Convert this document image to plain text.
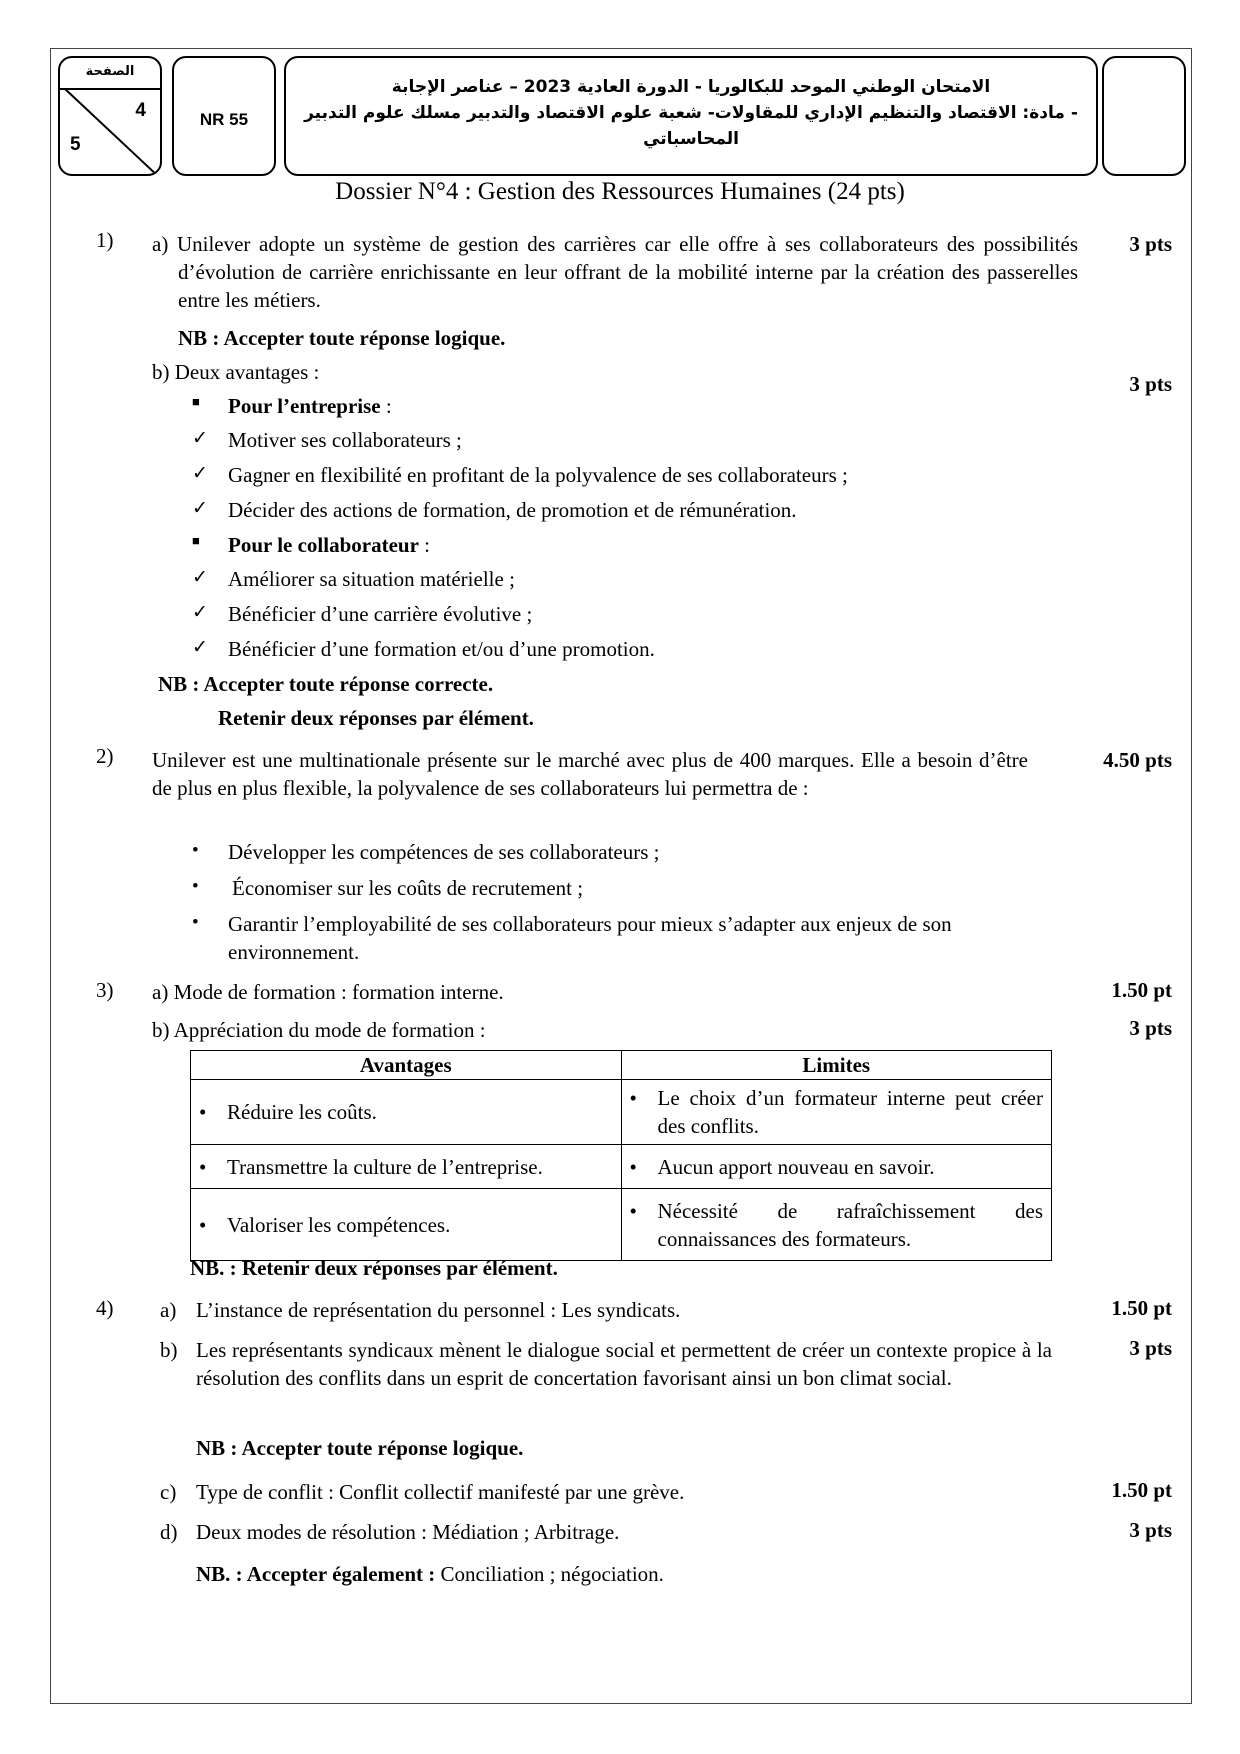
الصفحة
4
5
NR 55
الامتحان الوطني الموحد للبكالوريا - الدورة العادية 2023 – عناصر الإجابة
- مادة: الاقتصاد والتنظيم الإداري للمقاولات- شعبة علوم الاقتصاد والتدبير مسلك علوم التدبير
المحاسباتي
Dossier N°4 : Gestion des Ressources Humaines (24 pts)
1) a) Unilever adopte un système de gestion des carrières car elle offre à ses collaborateurs des possibilités d’évolution de carrière enrichissante en leur offrant de la mobilité interne par la création des passerelles entre les métiers.
3 pts
NB : Accepter toute réponse logique.
b) Deux avantages :	3 pts
■ Pour l’entreprise :
✓ Motiver ses collaborateurs ;
✓ Gagner en flexibilité en profitant de la polyvalence de ses collaborateurs ;
✓ Décider des actions de formation, de promotion et de rémunération.
■ Pour le collaborateur :
✓ Améliorer sa situation matérielle ;
✓ Bénéficier d’une carrière évolutive ;
✓ Bénéficier d’une formation et/ou d’une promotion.
NB : Accepter toute réponse correcte.
Retenir deux réponses par élément.
2) Unilever est une multinationale présente sur le marché avec plus de 400 marques. Elle a besoin d’être de plus en plus flexible, la polyvalence de ses collaborateurs lui permettra de :
4.50 pts
• Développer les compétences de ses collaborateurs ;
• Économiser sur les coûts de recrutement ;
• Garantir l’employabilité de ses collaborateurs pour mieux s’adapter aux enjeux de son environnement.
3) a) Mode de formation : formation interne.	1.50 pt
b) Appréciation du mode de formation :	3 pts
Avantages	Limites

• Réduire les coûts.	• Le choix d’un formateur interne peut créer des conflits.

• Transmettre la culture de l’entreprise.	• Aucun apport nouveau en savoir.

• Valoriser les compétences.	• Nécessité de rafraîchissement des connaissances des formateurs.
NB. : Retenir deux réponses par élément.
4) a) L’instance de représentation du personnel : Les syndicats.	1.50 pt
b) Les représentants syndicaux mènent le dialogue social et permettent de créer un contexte propice à la résolution des conflits dans un esprit de concertation favorisant ainsi un bon climat social.
3 pts
NB : Accepter toute réponse logique.
c) Type de conflit : Conflit collectif manifesté par une grève.	1.50 pt
d) Deux modes de résolution : Médiation ; Arbitrage.	3 pts
NB. : Accepter également : Conciliation ; négociation.
